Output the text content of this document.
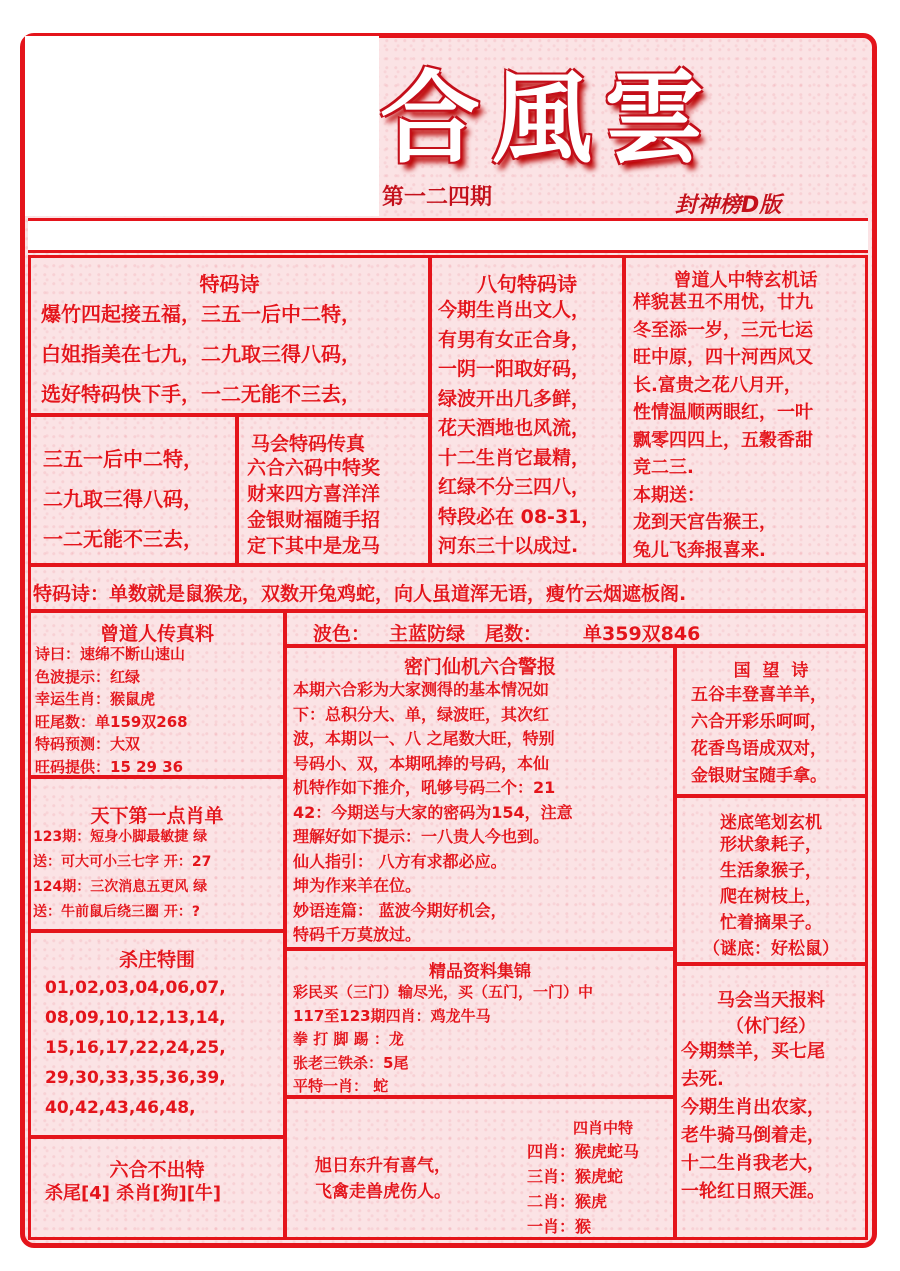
合風雲
第一二四期	封神榜D版
特码诗
爆竹四起接五福，三五一后中二特，
白姐指美在七九，二九取三得八码，
选好特码快下手，一二无能不三去，
三五一后中二特，
二九取三得八码，
一二无能不三去，
马会特码传真
六合六码中特奖
财来四方喜洋洋
金银财福随手招
定下其中是龙马
八句特码诗
今期生肖出文人，
有男有女正合身，
一阴一阳取好码，
绿波开出几多鲜，
花天酒地也风流，
十二生肖它最精，
红绿不分三四八，
特段必在 08-31，
河东三十以成过.
曾道人中特玄机话
样貌甚丑不用忧，廿九
冬至添一岁，三元七运
旺中原，四十河西风又
长.富贵之花八月开，
性情温顺两眼红，一叶
飘零四四上，五穀香甜
竞二三.
本期送：
龙到天宫告猴王，
兔儿飞奔报喜来.
特码诗：单数就是鼠猴龙，双数开兔鸡蛇，向人虽道浑无语，瘦竹云烟遮板阁.
曾道人传真料
诗曰：速绵不断山速山
色波提示：红绿
幸运生肖：猴鼠虎
旺尾数：单159双268
特码预测：大双
旺码提供：15 29 36
天下第一点肖单
123期：短身小脚最敏捷 绿
送：可大可小三七字 开：27
124期：三次消息五更风 绿
送：牛前鼠后绕三圈 开：?
杀庄特围
01,02,03,04,06,07,
08,09,10,12,13,14,
15,16,17,22,24,25,
29,30,33,35,36,39,
40,42,43,46,48,
六合不出特
杀尾[4] 杀肖[狗][牛]
波色： 主蓝防绿 尾数： 单359双846
密门仙机六合警报
本期六合彩为大家测得的基本情况如
下：总积分大、单，绿波旺，其次红
波，本期以一、八 之尾数大旺，特别
号码小、双，本期吼捧的号码，本仙
机特作如下推介，吼够号码二个：21
42：今期送与大家的密码为154，注意
理解好如下提示：一八贵人今也到。
仙人指引： 八方有求都必应。
坤为作来羊在位。
妙语连篇： 蓝波今期好机会，
特码千万莫放过。
精品资料集锦
彩民买（三门）输尽光，买（五门，一门）中
117至123期四肖：鸡龙牛马
拳 打 脚 踢 ：龙
张老三铁杀：5尾
平特一肖： 蛇
旭日东升有喜气，
飞禽走兽虎伤人。
四肖中特
四肖：猴虎蛇马
三肖：猴虎蛇
二肖：猴虎
一肖：猴
国  望  诗
五谷丰登喜羊羊，
六合开彩乐呵呵，
花香鸟语成双对，
金银财宝随手拿。
迷底笔划玄机
形状象耗子，
生活象猴子，
爬在树枝上，
忙着摘果子。
（谜底：好松鼠）
马会当天报料
（休门经）
今期禁羊，买七尾
去死.
今期生肖出农家，
老牛骑马倒着走，
十二生肖我老大，
一轮红日照天涯。
